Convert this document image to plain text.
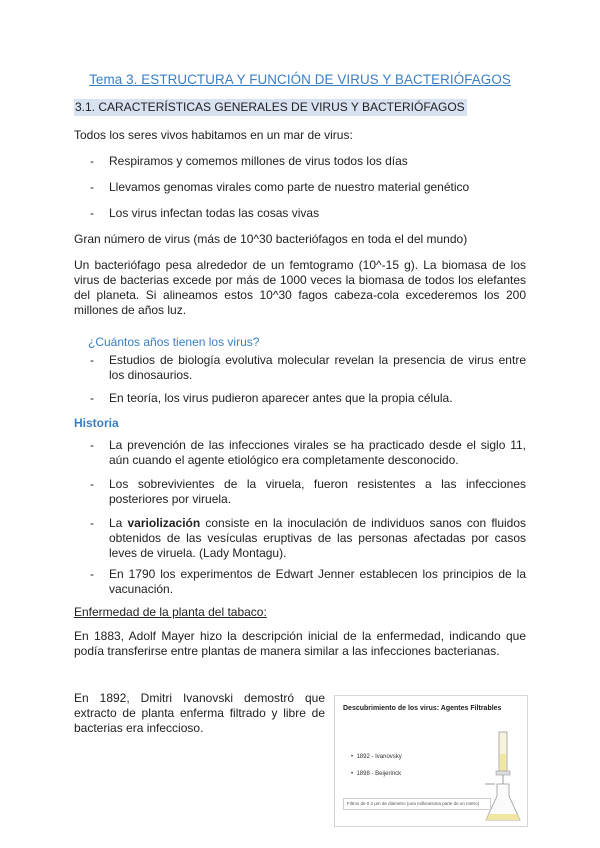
Tema 3. ESTRUCTURA Y FUNCIÓN DE VIRUS Y BACTERIÓFAGOS
3.1. CARACTERÍSTICAS GENERALES DE VIRUS Y BACTERIÓFAGOS
Todos los seres vivos habitamos en un mar de virus:
- Respiramos y comemos millones de virus todos los días
- Llevamos genomas virales como parte de nuestro material genético
- Los virus infectan todas las cosas vivas
Gran número de virus (más de 10^30 bacteriófagos en toda el del mundo)
Un bacteriófago pesa alrededor de un femtogramo (10^-15 g). La biomasa de los virus de bacterias excede por más de 1000 veces la biomasa de todos los elefantes del planeta. Si alineamos estos 10^30 fagos cabeza-cola excederemos los 200 millones de años luz.
¿Cuántos años tienen los virus?
- Estudios de biología evolutiva molecular revelan la presencia de virus entre los dinosaurios.
- En teoría, los virus pudieron aparecer antes que la propia célula.
Historia
- La prevención de las infecciones virales se ha practicado desde el siglo 11, aún cuando el agente etiológico era completamente desconocido.
- Los sobrevivientes de la viruela, fueron resistentes a las infecciones posteriores por viruela.
- La variolización consiste en la inoculación de individuos sanos con fluidos obtenidos de las vesículas eruptivas de las personas afectadas por casos leves de viruela. (Lady Montagu).
- En 1790 los experimentos de Edwart Jenner establecen los principios de la vacunación.
Enfermedad de la planta del tabaco:
En 1883, Adolf Mayer hizo la descripción inicial de la enfermedad, indicando que podía transferirse entre plantas de manera similar a las infecciones bacterianas.
En 1892, Dmitri Ivanovski demostró que extracto de planta enferma filtrado y libre de bacterias era infeccioso.
Descubrimiento de los virus: Agentes Filtrables
•  1892 - Ivanovsky
•  1898 - Beijerinck
Filtros de 0.2 µm de diámetro (una millonésima parte de un metro)
